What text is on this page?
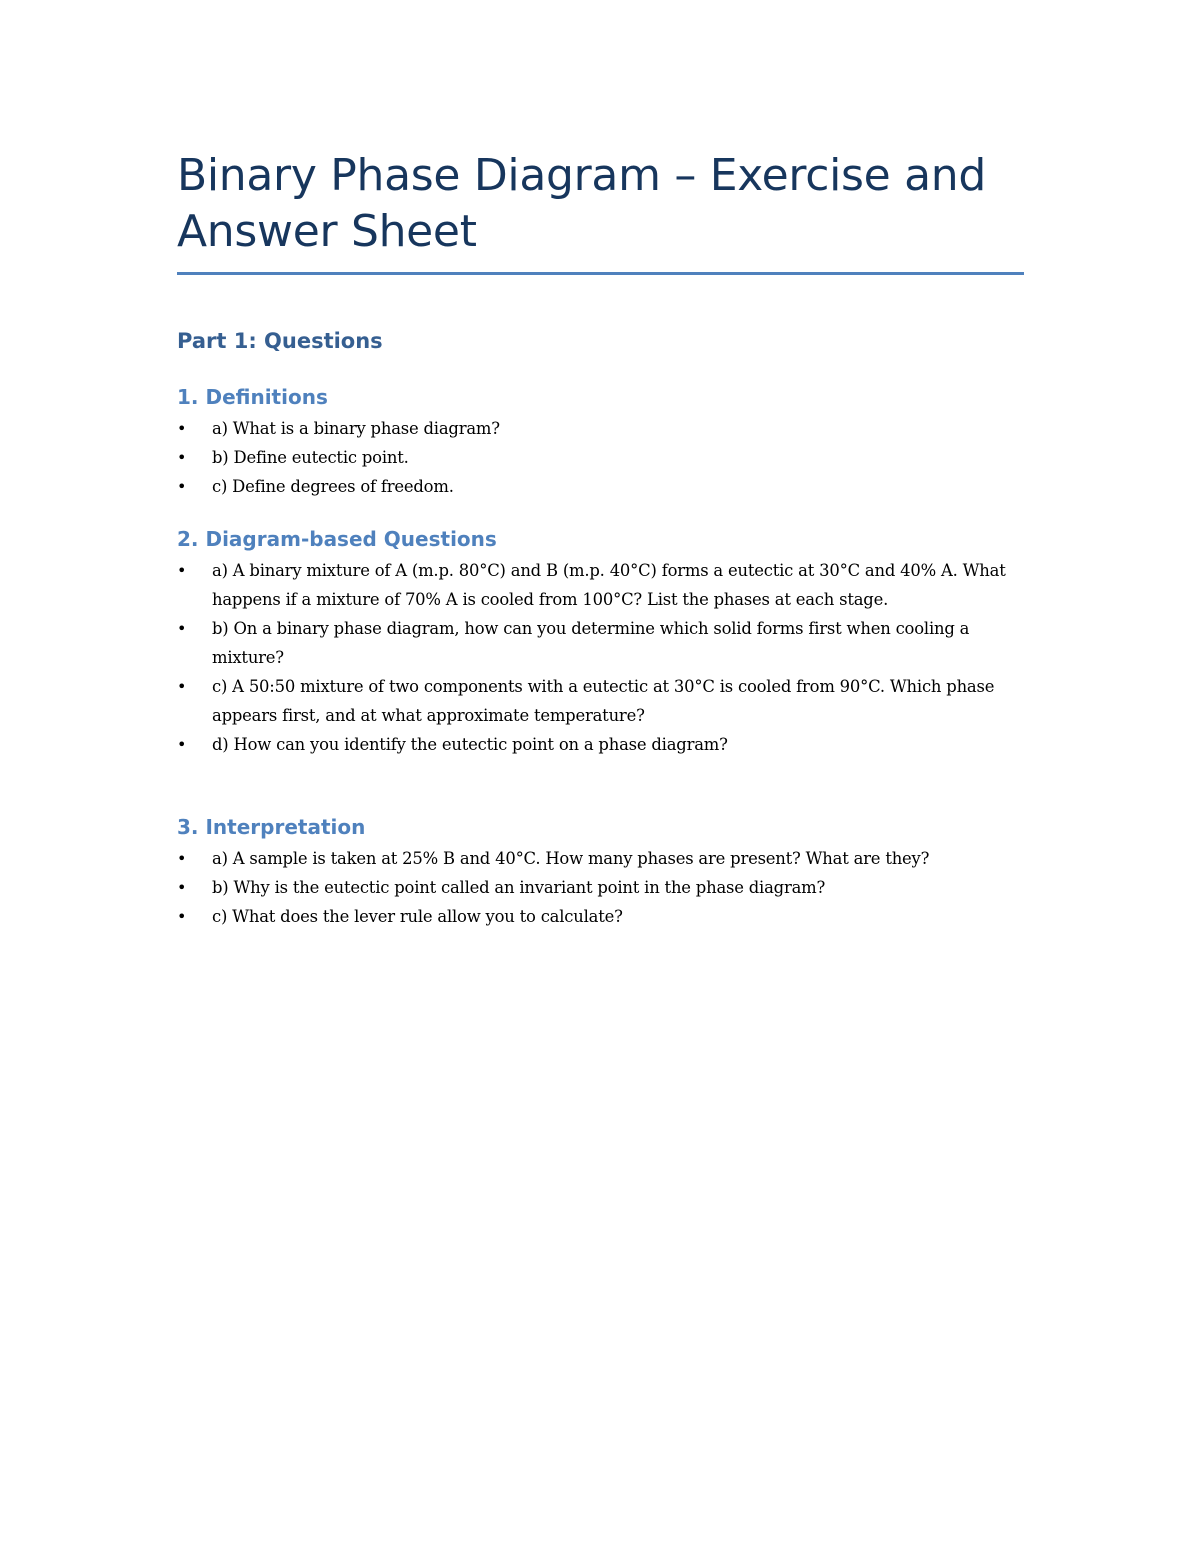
Binary Phase Diagram – Exercise and Answer Sheet
Part 1: Questions
1. Definitions
• a) What is a binary phase diagram?
• b) Define eutectic point.
• c) Define degrees of freedom.
2. Diagram-based Questions
• a) A binary mixture of A (m.p. 80°C) and B (m.p. 40°C) forms a eutectic at 30°C and 40% A. What happens if a mixture of 70% A is cooled from 100°C? List the phases at each stage.
• b) On a binary phase diagram, how can you determine which solid forms first when cooling a mixture?
• c) A 50:50 mixture of two components with a eutectic at 30°C is cooled from 90°C. Which phase appears first, and at what approximate temperature?
• d) How can you identify the eutectic point on a phase diagram?
3. Interpretation
• a) A sample is taken at 25% B and 40°C. How many phases are present? What are they?
• b) Why is the eutectic point called an invariant point in the phase diagram?
• c) What does the lever rule allow you to calculate?
